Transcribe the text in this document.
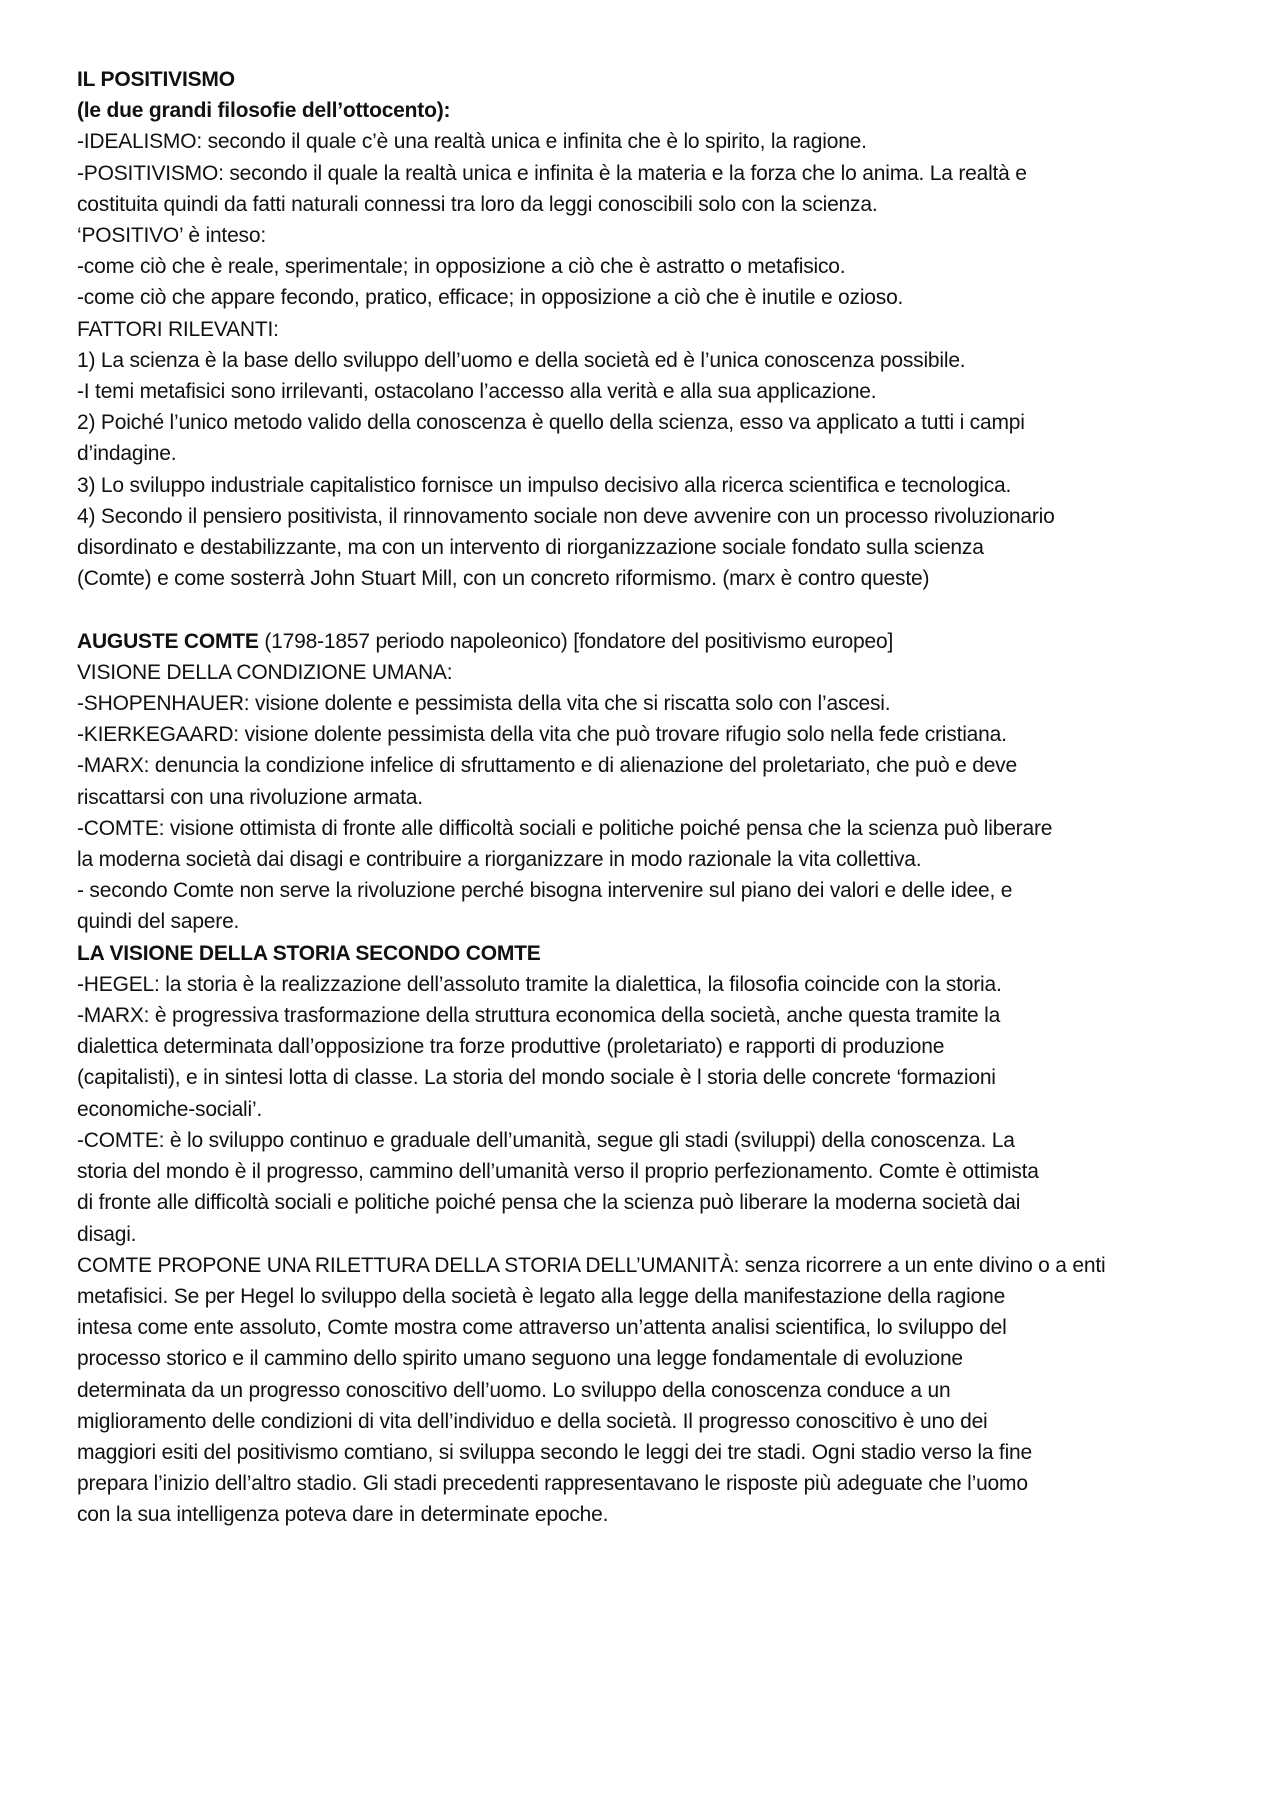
IL POSITIVISMO
(le due grandi filosofie dell’ottocento):
-IDEALISMO: secondo il quale c’è una realtà unica e infinita che è lo spirito, la ragione.
-POSITIVISMO: secondo il quale la realtà unica e infinita è la materia e la forza che lo anima. La realtà e
costituita quindi da fatti naturali connessi tra loro da leggi conoscibili solo con la scienza.
‘POSITIVO’ è inteso:
-come ciò che è reale, sperimentale; in opposizione a ciò che è astratto o metafisico.
-come ciò che appare fecondo, pratico, efficace; in opposizione a ciò che è inutile e ozioso.
FATTORI RILEVANTI:
1) La scienza è la base dello sviluppo dell’uomo e della società ed è l’unica conoscenza possibile.
-I temi metafisici sono irrilevanti, ostacolano l’accesso alla verità e alla sua applicazione.
2) Poiché l’unico metodo valido della conoscenza è quello della scienza, esso va applicato a tutti i campi
d’indagine.
3) Lo sviluppo industriale capitalistico fornisce un impulso decisivo alla ricerca scientifica e tecnologica.
4) Secondo il pensiero positivista, il rinnovamento sociale non deve avvenire con un processo rivoluzionario
disordinato e destabilizzante, ma con un intervento di riorganizzazione sociale fondato sulla scienza
(Comte) e come sosterrà John Stuart Mill, con un concreto riformismo. (marx è contro queste)
AUGUSTE COMTE (1798-1857 periodo napoleonico) [fondatore del positivismo europeo]
VISIONE DELLA CONDIZIONE UMANA:
-SHOPENHAUER: visione dolente e pessimista della vita che si riscatta solo con l’ascesi.
-KIERKEGAARD: visione dolente pessimista della vita che può trovare rifugio solo nella fede cristiana.
-MARX: denuncia la condizione infelice di sfruttamento e di alienazione del proletariato, che può e deve
riscattarsi con una rivoluzione armata.
-COMTE: visione ottimista di fronte alle difficoltà sociali e politiche poiché pensa che la scienza può liberare
la moderna società dai disagi e contribuire a riorganizzare in modo razionale la vita collettiva.
- secondo Comte non serve la rivoluzione perché bisogna intervenire sul piano dei valori e delle idee, e
quindi del sapere.
LA VISIONE DELLA STORIA SECONDO COMTE
-HEGEL: la storia è la realizzazione dell’assoluto tramite la dialettica, la filosofia coincide con la storia.
-MARX: è progressiva trasformazione della struttura economica della società, anche questa tramite la
dialettica determinata dall’opposizione tra forze produttive (proletariato) e rapporti di produzione
(capitalisti), e in sintesi lotta di classe. La storia del mondo sociale è l storia delle concrete ‘formazioni
economiche-sociali’.
-COMTE: è lo sviluppo continuo e graduale dell’umanità, segue gli stadi (sviluppi) della conoscenza. La
storia del mondo è il progresso, cammino dell’umanità verso il proprio perfezionamento. Comte è ottimista
di fronte alle difficoltà sociali e politiche poiché pensa che la scienza può liberare la moderna società dai
disagi.
COMTE PROPONE UNA RILETTURA DELLA STORIA DELL’UMANITÀ: senza ricorrere a un ente divino o a enti
metafisici. Se per Hegel lo sviluppo della società è legato alla legge della manifestazione della ragione
intesa come ente assoluto, Comte mostra come attraverso un’attenta analisi scientifica, lo sviluppo del
processo storico e il cammino dello spirito umano seguono una legge fondamentale di evoluzione
determinata da un progresso conoscitivo dell’uomo. Lo sviluppo della conoscenza conduce a un
miglioramento delle condizioni di vita dell’individuo e della società. Il progresso conoscitivo è uno dei
maggiori esiti del positivismo comtiano, si sviluppa secondo le leggi dei tre stadi. Ogni stadio verso la fine
prepara l’inizio dell’altro stadio. Gli stadi precedenti rappresentavano le risposte più adeguate che l’uomo
con la sua intelligenza poteva dare in determinate epoche.
